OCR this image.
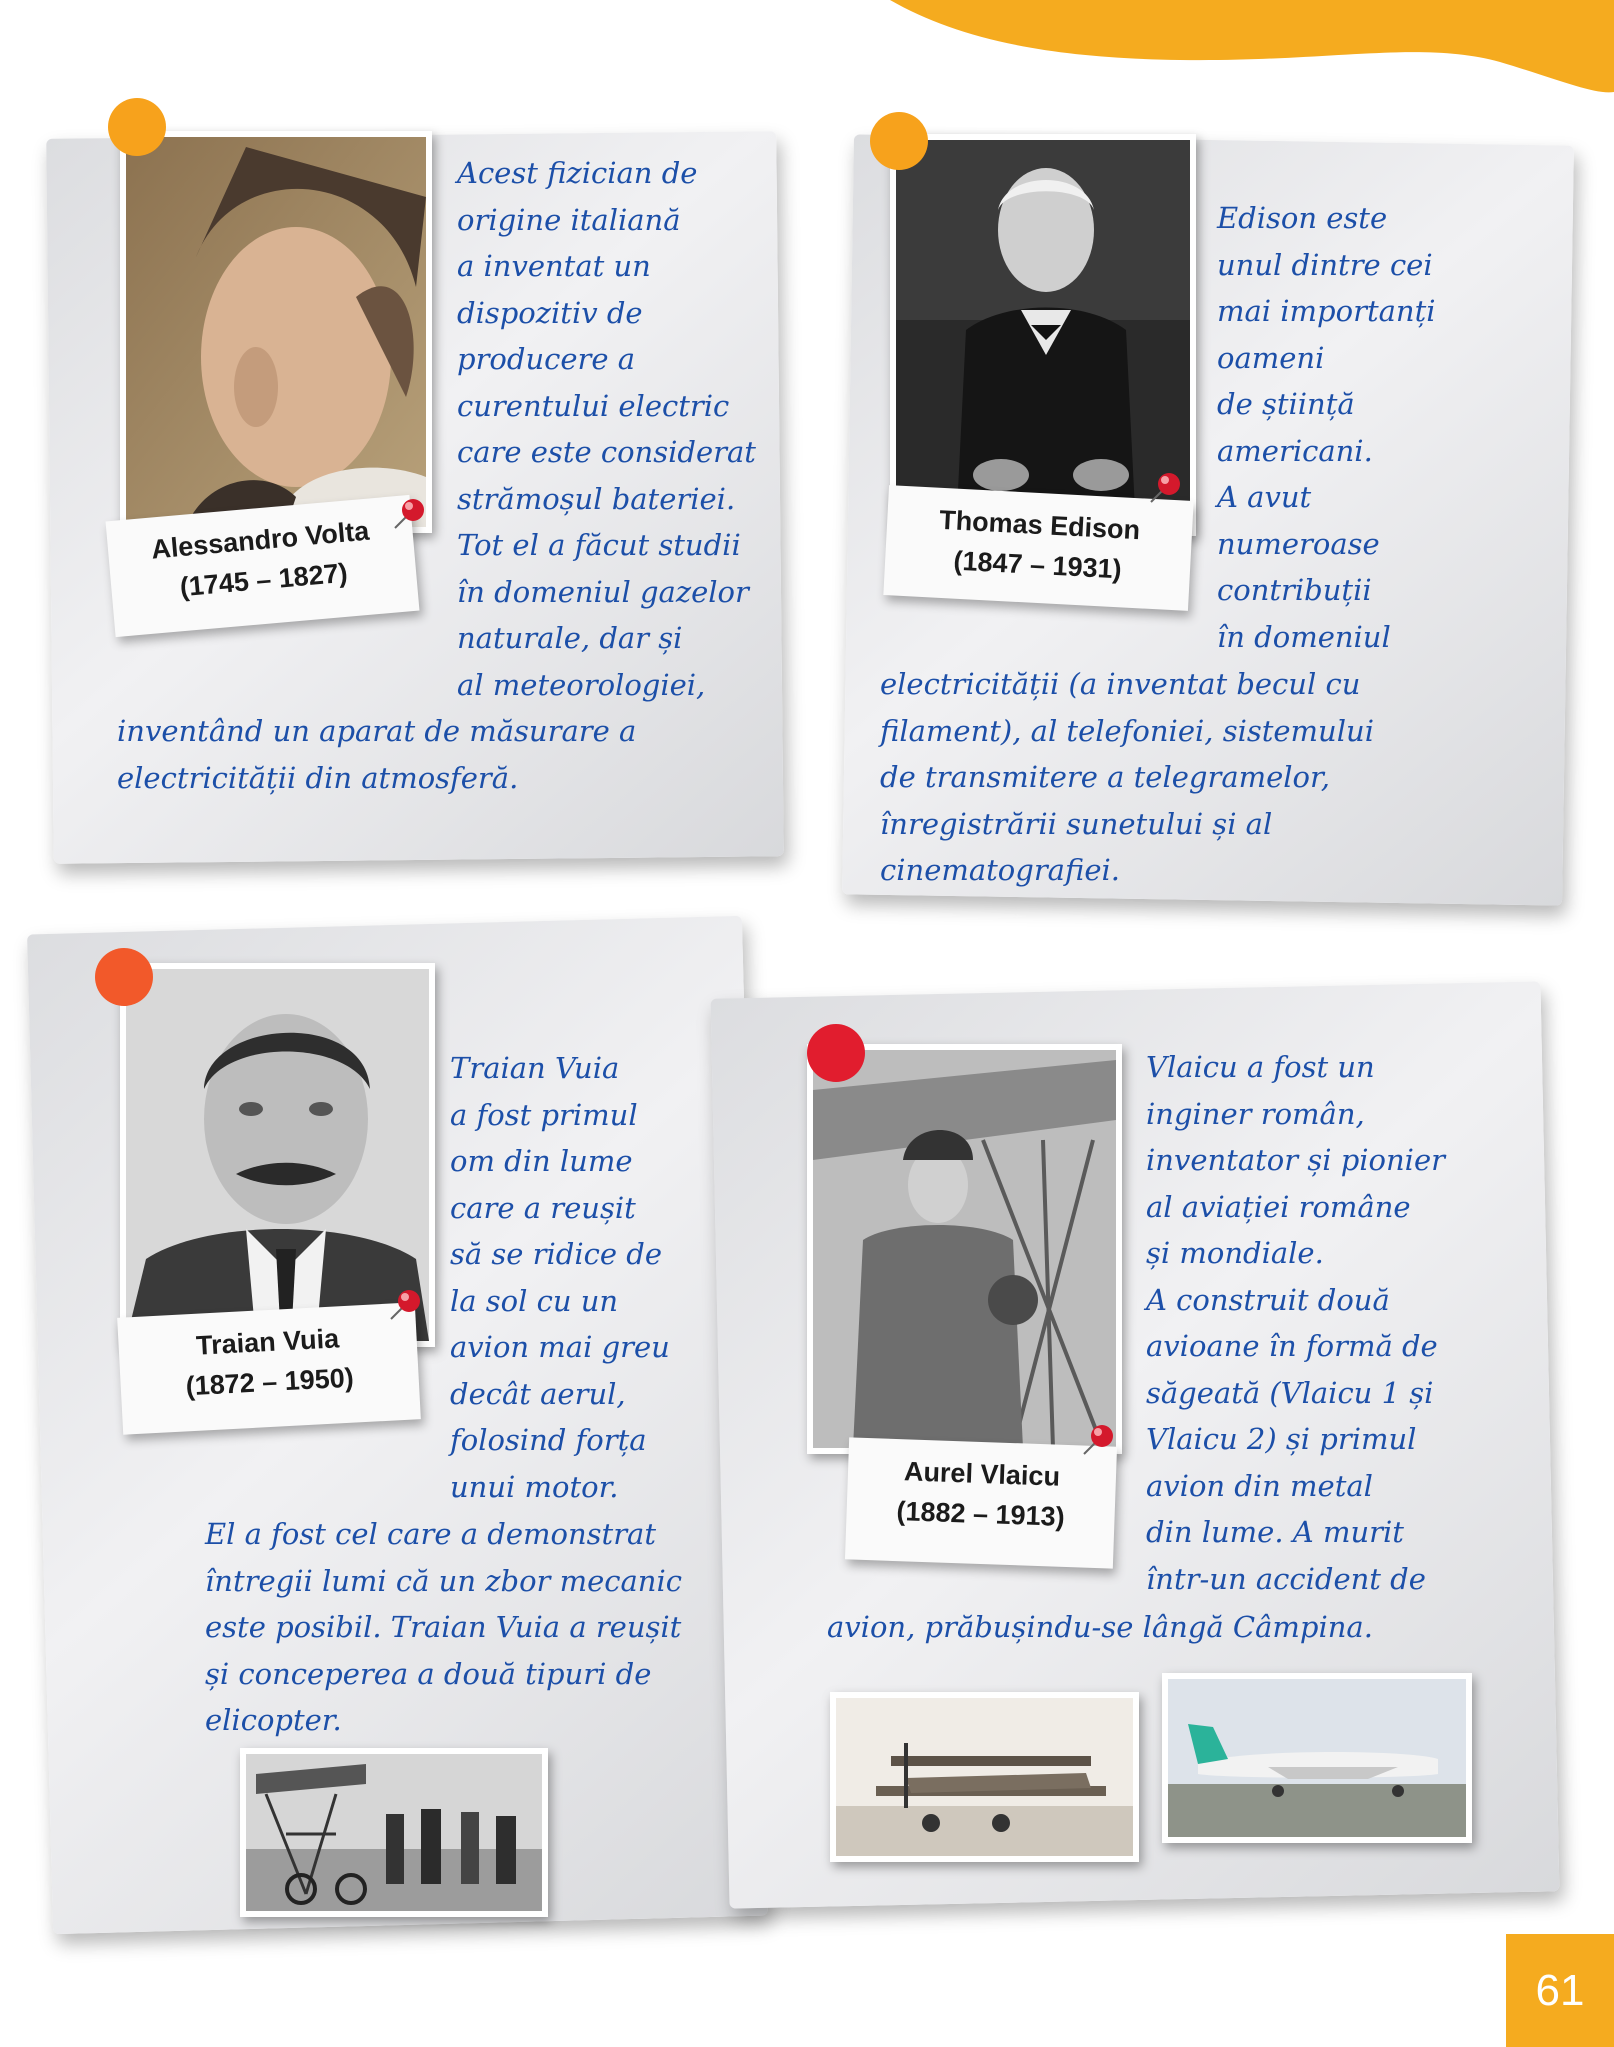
Alessandro Volta
(1745 – 1827)
Acest fizician de
origine italiană
a inventat un
dispozitiv de
producere a
curentului electric
care este considerat
strămoșul bateriei.
Tot el a făcut studii
în domeniul gazelor
naturale, dar și
al meteorologiei,
inventând un aparat de măsurare a
electricității din atmosferă.
Thomas Edison
(1847 – 1931)
Edison este
unul dintre cei
mai importanți
oameni
de știință
americani.
A avut
numeroase
contribuții
în domeniul
electricității (a inventat becul cu
filament), al telefoniei, sistemului
de transmitere a telegramelor,
înregistrării sunetului și al
cinematografiei.
Traian Vuia
(1872 – 1950)
Traian Vuia
a fost primul
om din lume
care a reușit
să se ridice de
la sol cu un
avion mai greu
decât aerul,
folosind forța
unui motor.
El a fost cel care a demonstrat
întregii lumi că un zbor mecanic
este posibil. Traian Vuia a reușit
și conceperea a două tipuri de
elicopter.
Aurel Vlaicu
(1882 – 1913)
Vlaicu a fost un
inginer român,
inventator și pionier
al aviației române
și mondiale.
A construit două
avioane în formă de
săgeată (Vlaicu 1 și
Vlaicu 2) și primul
avion din metal
din lume. A murit
într-un accident de
avion, prăbușindu-se lângă Câmpina.
61
